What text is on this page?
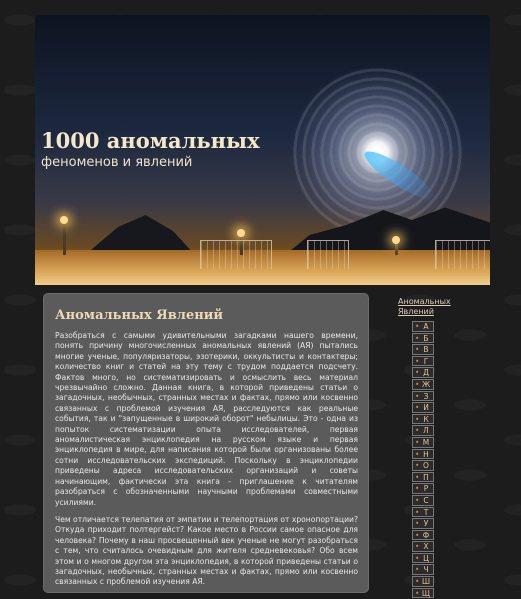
1000 аномальных

феноменов и явлений

Аномальных Явлений

Разобраться с самыми удивительными загадками нашего времени, понять причину многочисленных аномальных явлений (АЯ) пытались многие ученые, популяризаторы, эзотерики, оккультисты и контактеры; количество книг и статей на эту тему с трудом поддается подсчету. Фактов много, но систематизировать и осмыслить весь материал чрезвычайно сложно. Данная книга, в которой приведены статьи о загадочных, необычных, странных местах и фактах, прямо или косвенно связанных с проблемой изучения АЯ, расследуются как реальные события, так и "запущенные в широкий оборот" небылицы. Это - одна из попыток систематизации опыта исследователей, первая аномалистическая энциклопедия на русском языке и первая энциклопедия в мире, для написания которой были организованы более сотни исследовательских экспедиций. Поскольку в энциклопедии приведены адреса исследовательских организаций и советы начинающим, фактически эта книга - приглашение к читателям разобраться с обозначенными научными проблемами совместными усилиями.

Чем отличается телепатия от эмпатии и телепортация от хронопортации? Откуда приходит полтергейст? Какое место в России самое опасное для человека? Почему в наш просвещенный век ученые не могут разобраться с тем, что считалось очевидным для жителя средневековья? Обо всем этом и о многом другом эта энциклопедия, в которой приведены статьи о загадочных, необычных, странных местах и фактах, прямо или косвенно связанных с проблемой изучения АЯ.

Аномальных Явлений
• А
• Б
• В
• Г
• Д
• Ж
• З
• И
• К
• Л
• М
• Н
• О
• П
• Р
• С
• Т
• У
• Ф
• Х
• Ц
• Ч
• Ш
• Щ
